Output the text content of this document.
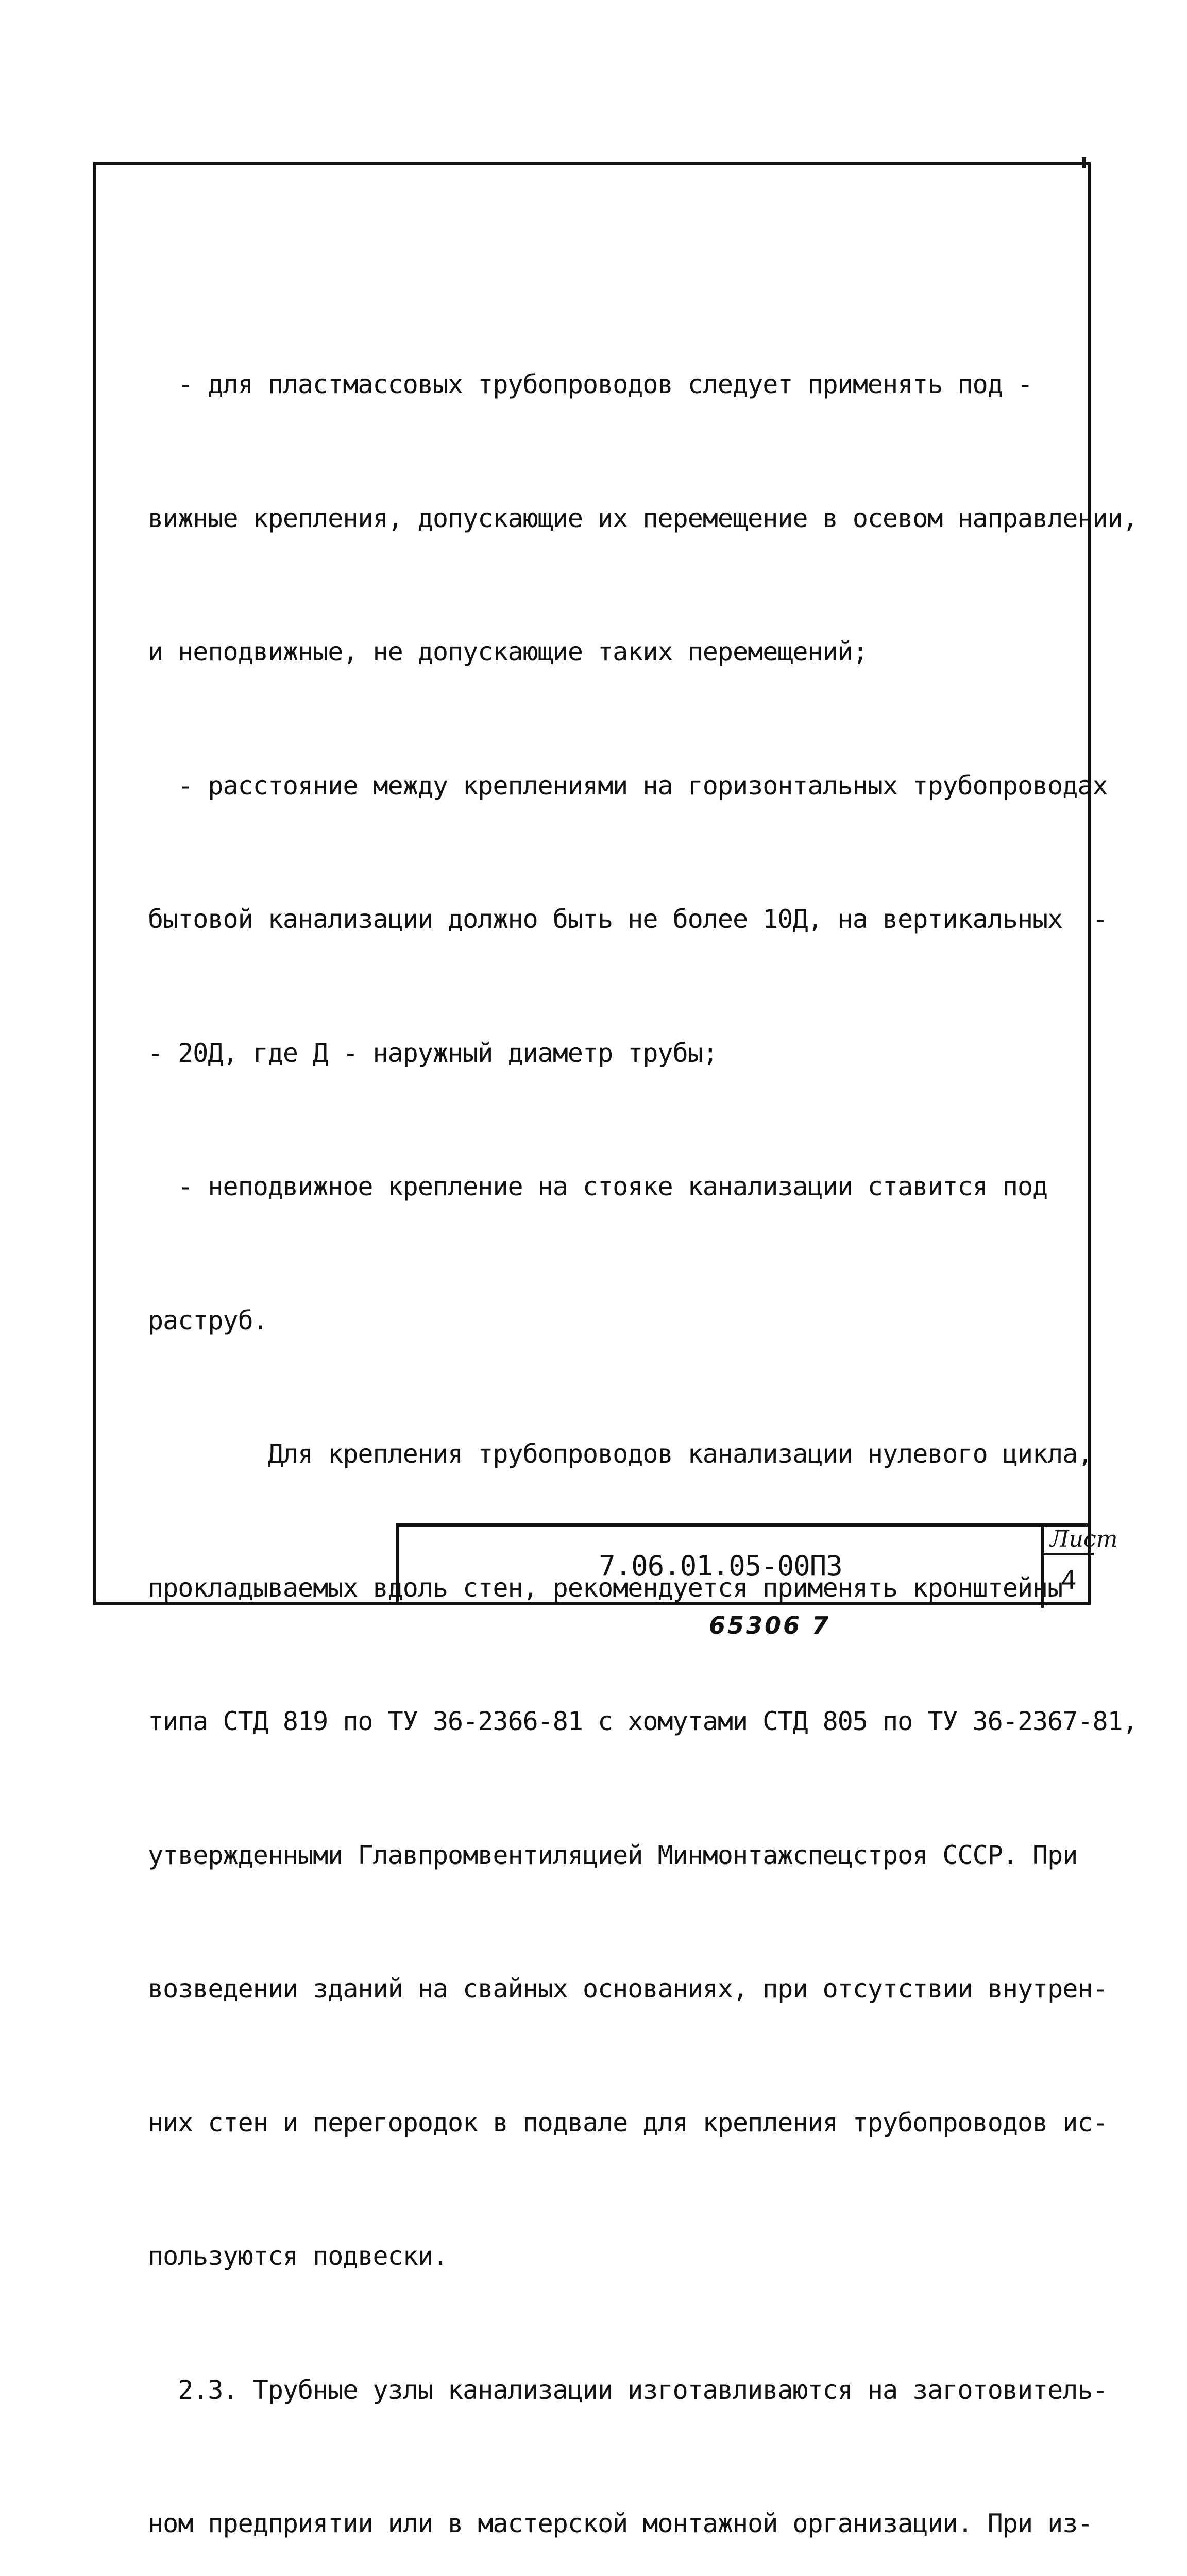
- для пластмассовых трубопроводов следует применять под -

вижные крепления, допускающие их перемещение в осевом направлении,

и неподвижные, не допускающие таких перемещений;

- расстояние между креплениями на горизонтальных трубопроводах

бытовой канализации должно быть не более 10Д, на вертикальных  -

- 20Д, где Д - наружный диаметр трубы;

- неподвижное крепление на стояке канализации ставится под

раструб.

Для крепления трубопроводов канализации нулевого цикла,

прокладываемых вдоль стен, рекомендуется применять кронштейны

типа СТД 819 по ТУ 36-2366-81 с хомутами СТД 805 по ТУ 36-2367-81,

утвержденными Главпромвентиляцией Минмонтажспецстроя СССР. При

возведении зданий на свайных основаниях, при отсутствии внутрен-

них стен и перегородок в подвале для крепления трубопроводов ис-

пользуются подвески.

2.3. Трубные узлы канализации изготавливаются на заготовитель-

ном предприятии или в мастерской монтажной организации. При из-

7.06.01.05-00ПЗ
Лист
4
65306 7
